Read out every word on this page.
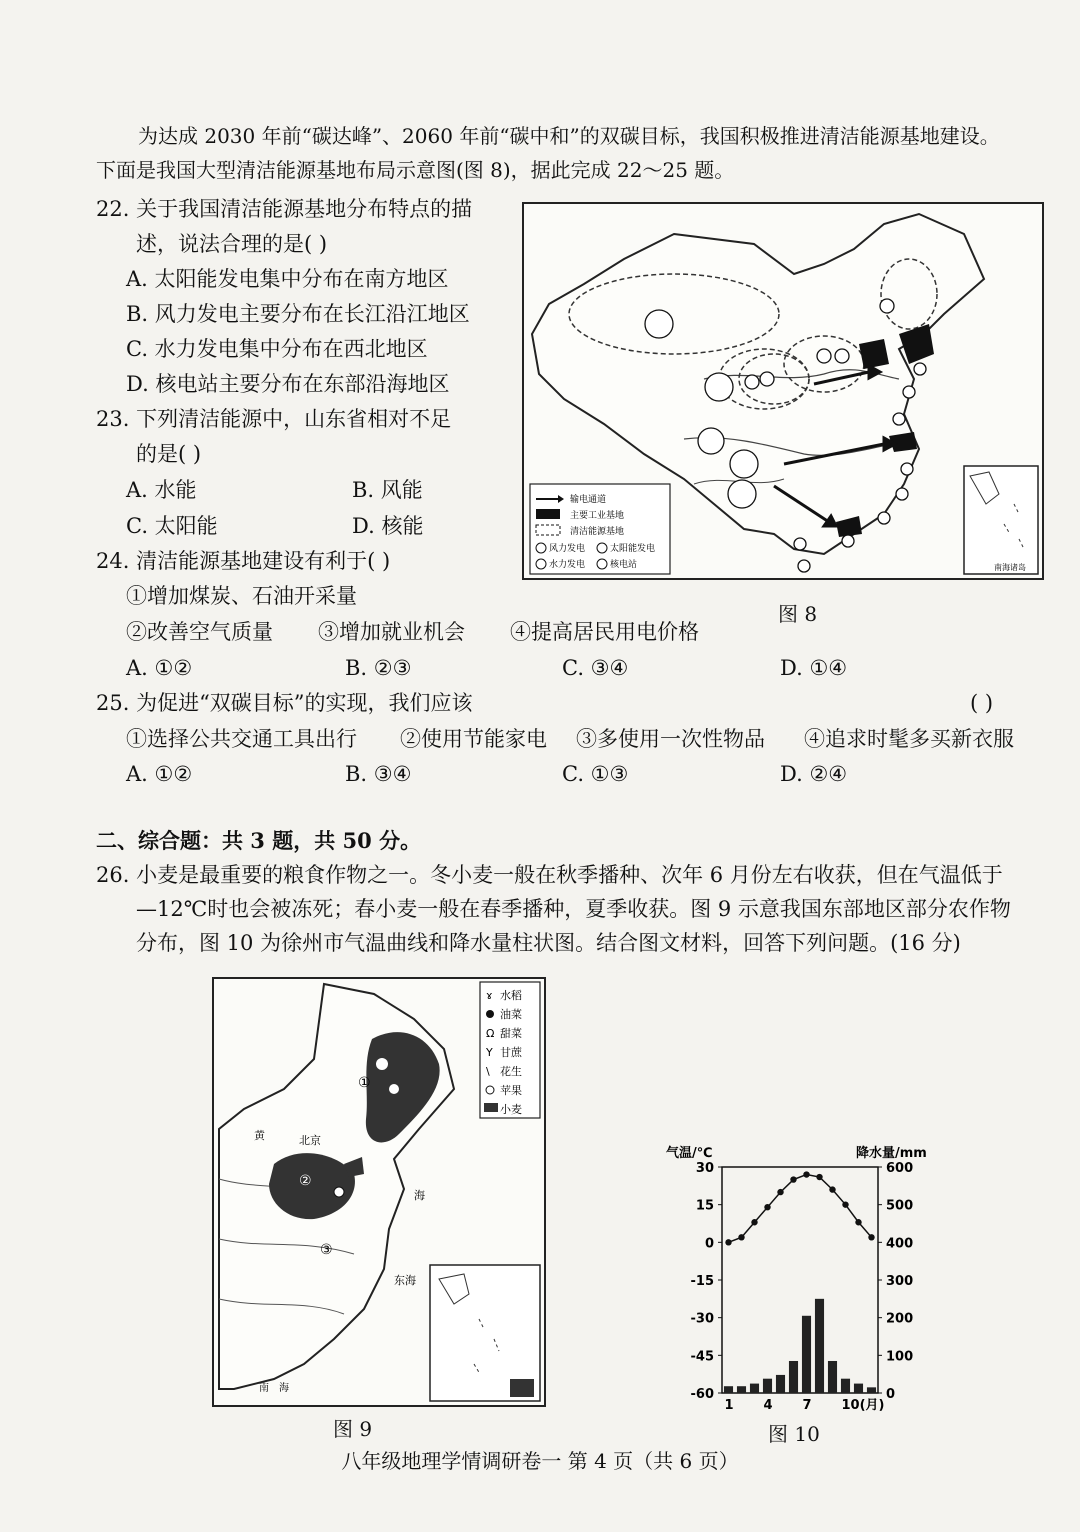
为达成 2030 年前“碳达峰”、2060 年前“碳中和”的双碳目标，我国积极推进清洁能源基地建设。
下面是我国大型清洁能源基地布局示意图(图 8)，据此完成 22～25 题。
22. 关于我国清洁能源基地分布特点的描
述，说法合理的是( )
A. 太阳能发电集中分布在南方地区
B. 风力发电主要分布在长江沿江地区
C. 水力发电集中分布在西北地区
D. 核电站主要分布在东部沿海地区
23. 下列清洁能源中，山东省相对不足
的是( )
A. 水能	B. 风能
C. 太阳能	D. 核能
24. 清洁能源基地建设有利于( )
①增加煤炭、石油开采量
②改善空气质量 ③增加就业机会 ④提高居民用电价格
A. ①②	B. ②③	C. ③④	D. ①④
25. 为促进“双碳目标”的实现，我们应该	( )
①选择公共交通工具出行 ②使用节能家电 ③多使用一次性物品 ④追求时髦多买新衣服
A. ①②	B. ③④	C. ①③	D. ②④
二、综合题：共 3 题，共 50 分。
26. 小麦是最重要的粮食作物之一。冬小麦一般在秋季播种、次年 6 月份左右收获，但在气温低于
—12℃时也会被冻死；春小麦一般在春季播种，夏季收获。图 9 示意我国东部地区部分农作物
分布，图 10 为徐州市气温曲线和降水量柱状图。结合图文材料，回答下列问题。(16 分)
输电通道
主要工业基地
清洁能源基地
风力发电	太阳能发电
水力发电	核电站	南海诸岛
图 8
①
②
③
黄	北京
海
东海
南 海
ɤ 水稻
油菜
Ω 甜菜
Y 甘蔗
\ 花生
苹果
小麦
图 9
气温/℃	降水量/mm
30
15
0
-15
-30
-45
-60
600
500
400
300
200
100
0
1 4 7 10(月)
图 10
八年级地理学情调研卷一 第 4 页（共 6 页）
